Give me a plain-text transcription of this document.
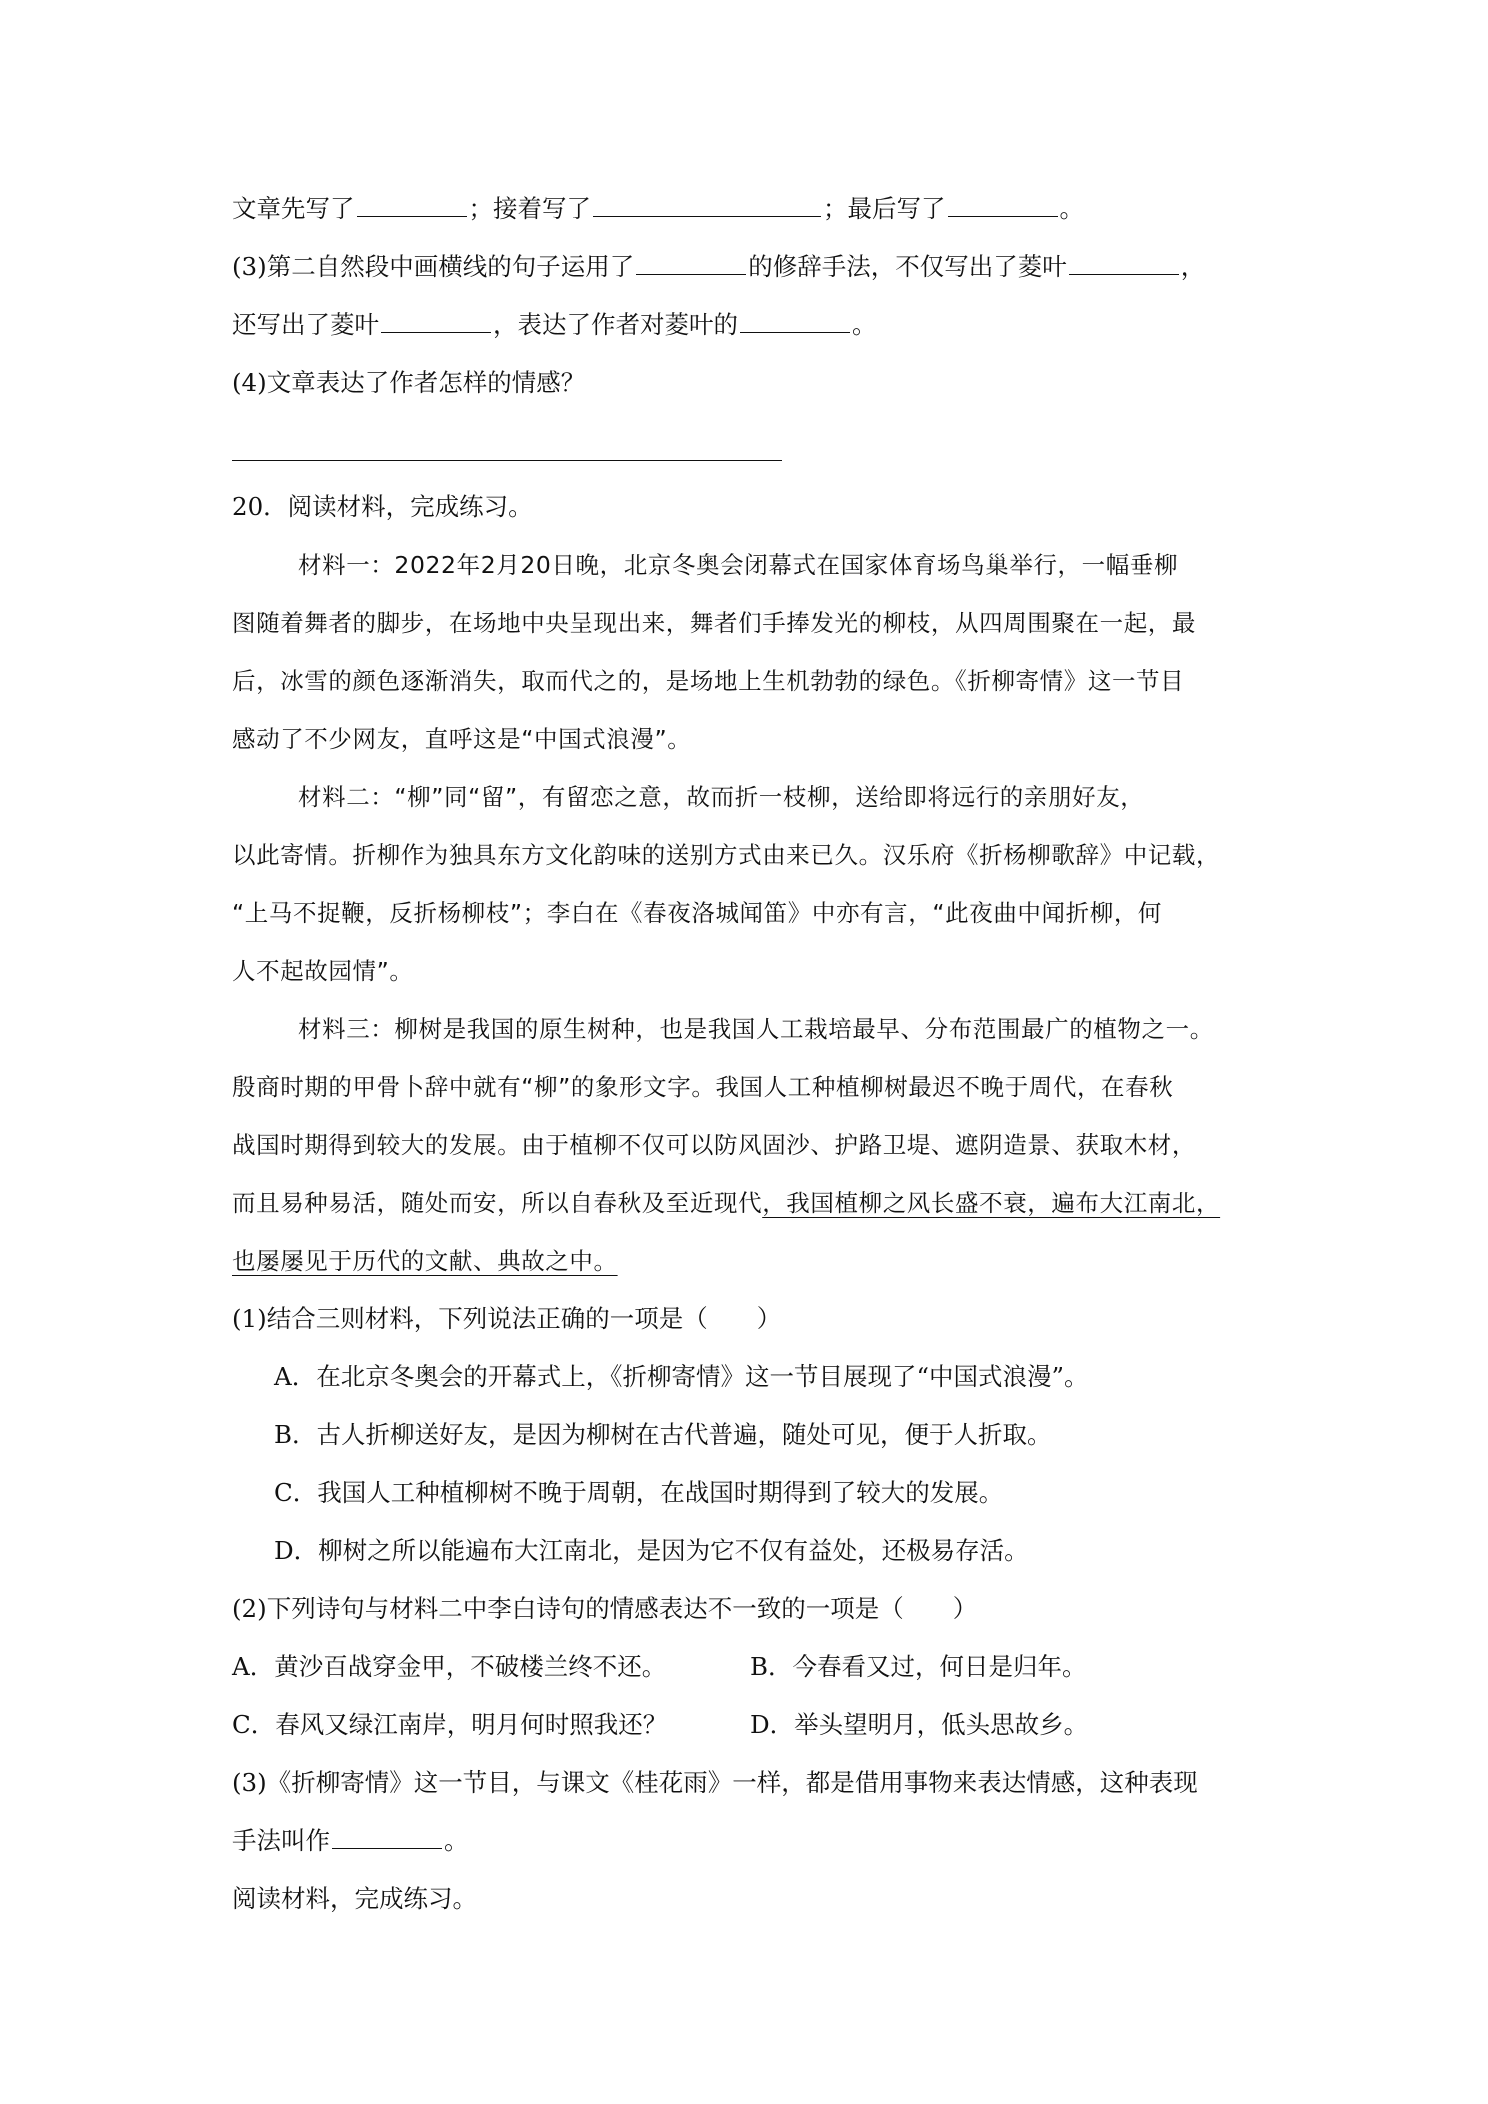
文章先写了	；接着写了	；最后写了	。
(3)第二自然段中画横线的句子运用了	的修辞手法，不仅写出了菱叶	，
还写出了菱叶	，表达了作者对菱叶的	。
(4)文章表达了作者怎样的情感？
20．阅读材料，完成练习。
材料一：2022年2月20日晚，北京冬奥会闭幕式在国家体育场鸟巢举行，一幅垂柳
图随着舞者的脚步，在场地中央呈现出来，舞者们手捧发光的柳枝，从四周围聚在一起，最
后，冰雪的颜色逐渐消失，取而代之的，是场地上生机勃勃的绿色。《折柳寄情》这一节目
感动了不少网友，直呼这是“中国式浪漫”。
材料二：“柳”同“留”，有留恋之意，故而折一枝柳，送给即将远行的亲朋好友，
以此寄情。折柳作为独具东方文化韵味的送别方式由来已久。汉乐府《折杨柳歌辞》中记载，
“上马不捉鞭，反折杨柳枝”；李白在《春夜洛城闻笛》中亦有言，“此夜曲中闻折柳，何
人不起故园情”。
材料三：柳树是我国的原生树种，也是我国人工栽培最早、分布范围最广的植物之一。
殷商时期的甲骨卜辞中就有“柳”的象形文字。我国人工种植柳树最迟不晚于周代，在春秋
战国时期得到较大的发展。由于植柳不仅可以防风固沙、护路卫堤、遮阴造景、获取木材，
而且易种易活，随处而安，所以自春秋及至近现代，我国植柳之风长盛不衰，遍布大江南北，
也屡屡见于历代的文献、典故之中。
(1)结合三则材料，下列说法正确的一项是（　　）
A．在北京冬奥会的开幕式上，《折柳寄情》这一节目展现了“中国式浪漫”。
B．古人折柳送好友，是因为柳树在古代普遍，随处可见，便于人折取。
C．我国人工种植柳树不晚于周朝，在战国时期得到了较大的发展。
D．柳树之所以能遍布大江南北，是因为它不仅有益处，还极易存活。
(2)下列诗句与材料二中李白诗句的情感表达不一致的一项是（　　）
A．黄沙百战穿金甲，不破楼兰终不还。	B．今春看又过，何日是归年。
C．春风又绿江南岸，明月何时照我还？	D．举头望明月，低头思故乡。
(3)《折柳寄情》这一节目，与课文《桂花雨》一样，都是借用事物来表达情感，这种表现
手法叫作	。
阅读材料，完成练习。
